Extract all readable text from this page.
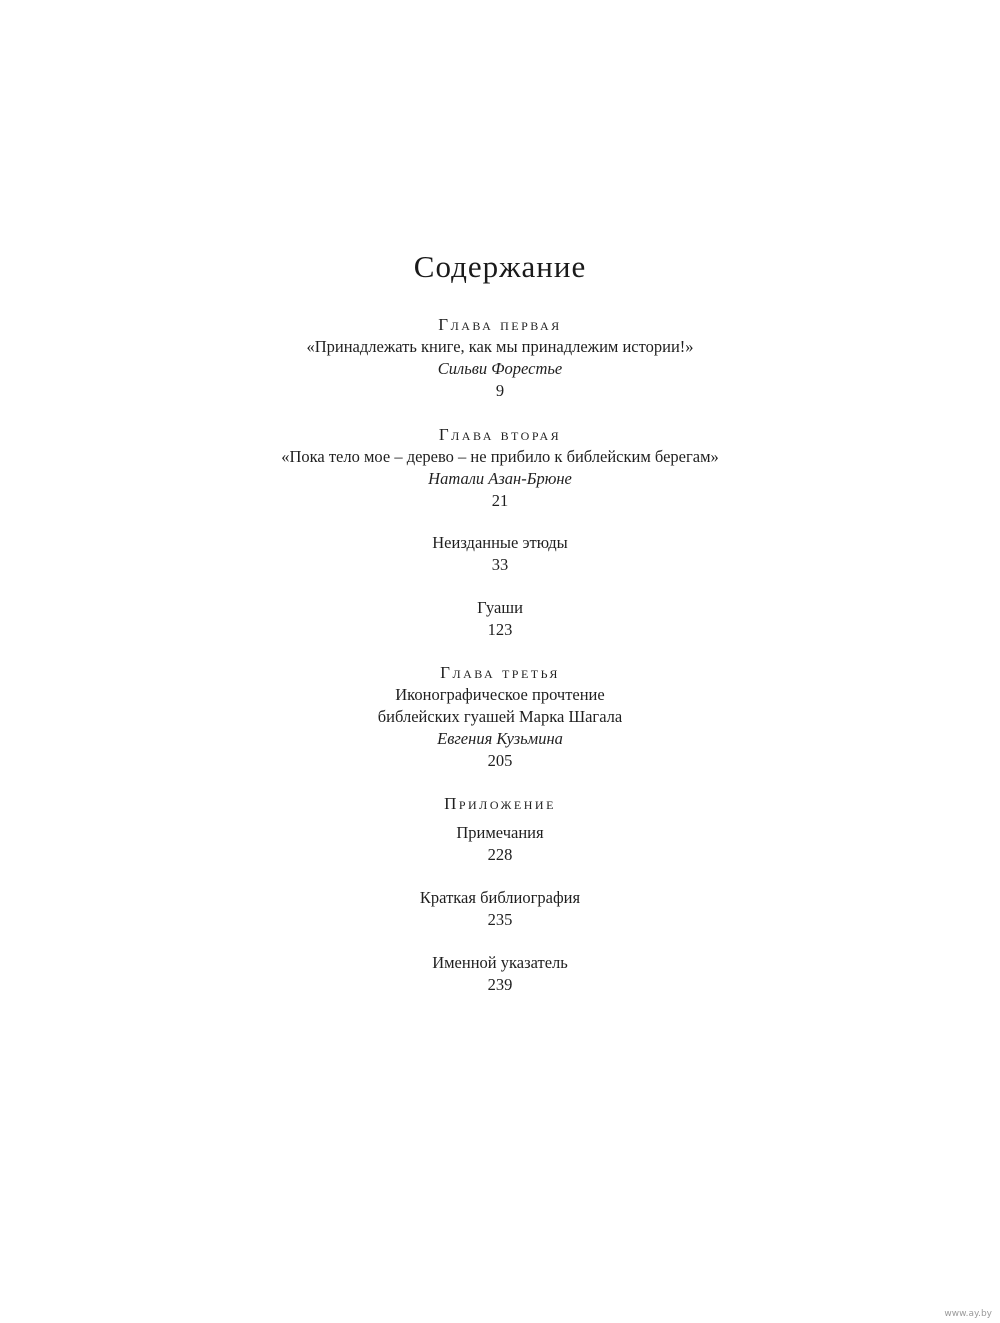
Содержание
Глава первая
«Принадлежать книге, как мы принадлежим истории!»
Сильви Форестье
9
Глава вторая
«Пока тело мое – дерево – не прибило к библейским берегам»
Натали Азан-Брюне
21
Неизданные этюды
33
Гуаши
123
Глава третья
Иконографическое прочтение
библейских гуашей Марка Шагала
Евгения Кузьмина
205
Приложение
Примечания
228
Краткая библиография
235
Именной указатель
239
www.ay.by
